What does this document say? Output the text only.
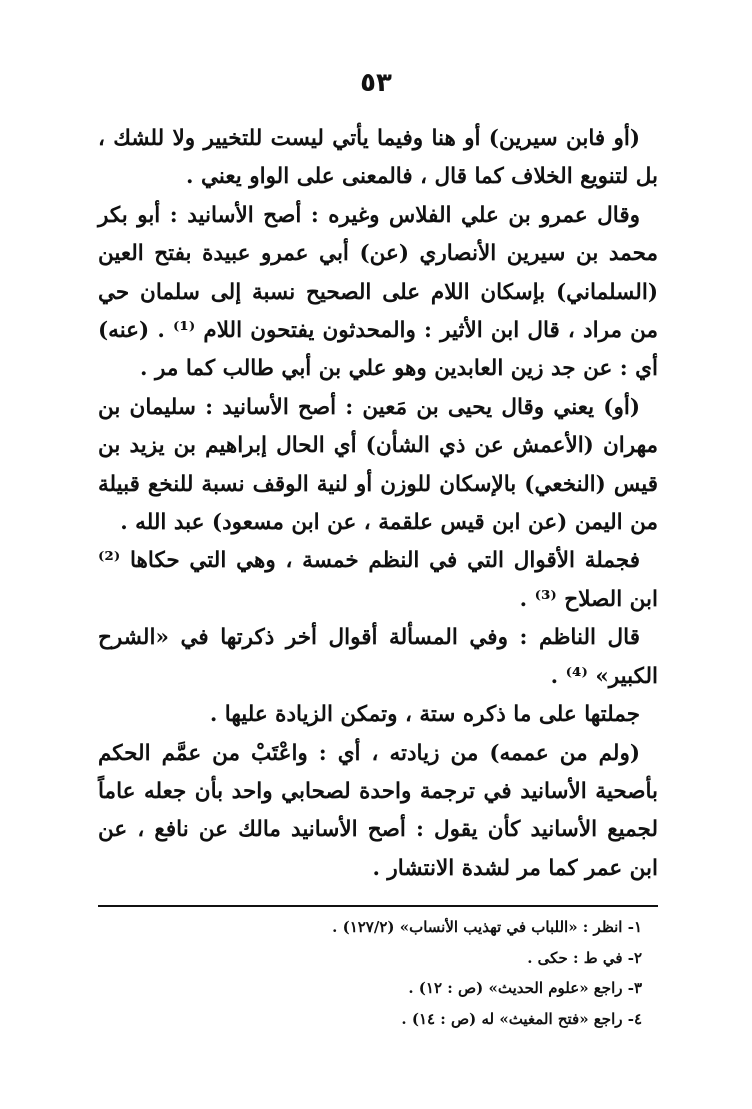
٥٣

(أو فابن سيرين) أو هنا وفيما يأتي ليست للتخيير ولا للشك ، بل لتنويع الخلاف كما قال ، فالمعنى على الواو يعني .

وقال عمرو بن علي الفلاس وغيره : أصح الأسانيد : أبو بكر محمد بن سيرين الأنصاري (عن) أبي عمرو عبيدة بفتح العين (السلماني) بإسكان اللام على الصحيح نسبة إلى سلمان حي من مراد ، قال ابن الأثير : والمحدثون يفتحون اللام ⁽¹⁾ . (عنه) أي : عن جد زين العابدين وهو علي بن أبي طالب كما مر .

(أو) يعني وقال يحيى بن مَعين : أصح الأسانيد : سليمان بن مهران (الأعمش عن ذي الشأن) أي الحال إبراهيم بن يزيد بن قيس (النخعي) بالإسكان للوزن أو لنية الوقف نسبة للنخع قبيلة من اليمن (عن ابن قيس علقمة ، عن ابن مسعود) عبد الله .

فجملة الأقوال التي في النظم خمسة ، وهي التي حكاها ⁽²⁾ ابن الصلاح ⁽³⁾ .

قال الناظم : وفي المسألة أقوال أخر ذكرتها في «الشرح الكبير» ⁽⁴⁾ .

جملتها على ما ذكره ستة ، وتمكن الزيادة عليها .

(ولم من عممه) من زيادته ، أي : واعْتَبْ من عمَّم الحكم بأصحية الأسانيد في ترجمة واحدة لصحابي واحد بأن جعله عاماً لجميع الأسانيد كأن يقول : أصح الأسانيد مالك عن نافع ، عن ابن عمر كما مر لشدة الانتشار .

١- انظر : «اللباب في تهذيب الأنساب» (١٢٧/٢) .

٢- في ط : حكى .

٣- راجع «علوم الحديث» (ص : ١٢) .

٤- راجع «فتح المغيث» له (ص : ١٤) .
